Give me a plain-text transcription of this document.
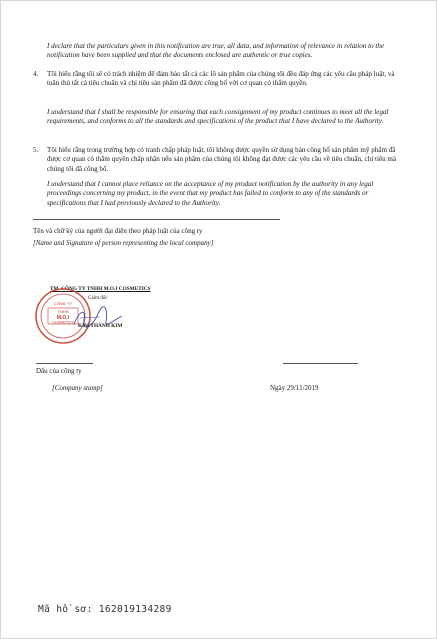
I declare that the particulars given in this notification are true, all data, and information of relevance in relation to the notification have been supplied and that the documents enclosed are authentic or true copies.
4. Tôi hiểu rằng tôi sẽ có trách nhiệm để đảm bảo tất cả các lô sản phẩm của chúng tôi đều đáp ứng các yêu cầu pháp luật, và tuân thủ tất cả tiêu chuẩn và chỉ tiêu sản phẩm đã được công bố với cơ quan có thẩm quyền.
I understand that I shall be responsible for ensuring that each consignment of my product continues to meet all the legal requirements, and conforms to all the standards and specifications of the product that I have declared to the Authority.
5. Tôi hiểu rằng trong trường hợp có tranh chấp pháp luật, tôi không được quyền sử dụng bản công bố sản phẩm mỹ phẩm đã được cơ quan có thẩm quyền chấp nhận nếu sản phẩm của chúng tôi không đạt được các yêu cầu về tiêu chuẩn, chỉ tiêu mà chúng tôi đã công bố.
I understand that I cannot place reliance on the acceptance of my product notification by the authority in any legal proceedings concerning my product, in the event that my product has failed to conform to any of the standards or specifications that I had previously declared to the Authority.
Tên và chữ ký của người đại diện theo pháp luật của công ty
[Name and Signature of person representing the local company]
TM. CÔNG TY TNHH M.O.I COSMETICS
Giám đốc
CÔNG TY
TNHH
M.O.I
COSMETICS
KIM THÀNH KIM
Dấu của công ty
[Company stamp]	Ngày 29/11/2019
Mã hồ sơ: 162019134289
